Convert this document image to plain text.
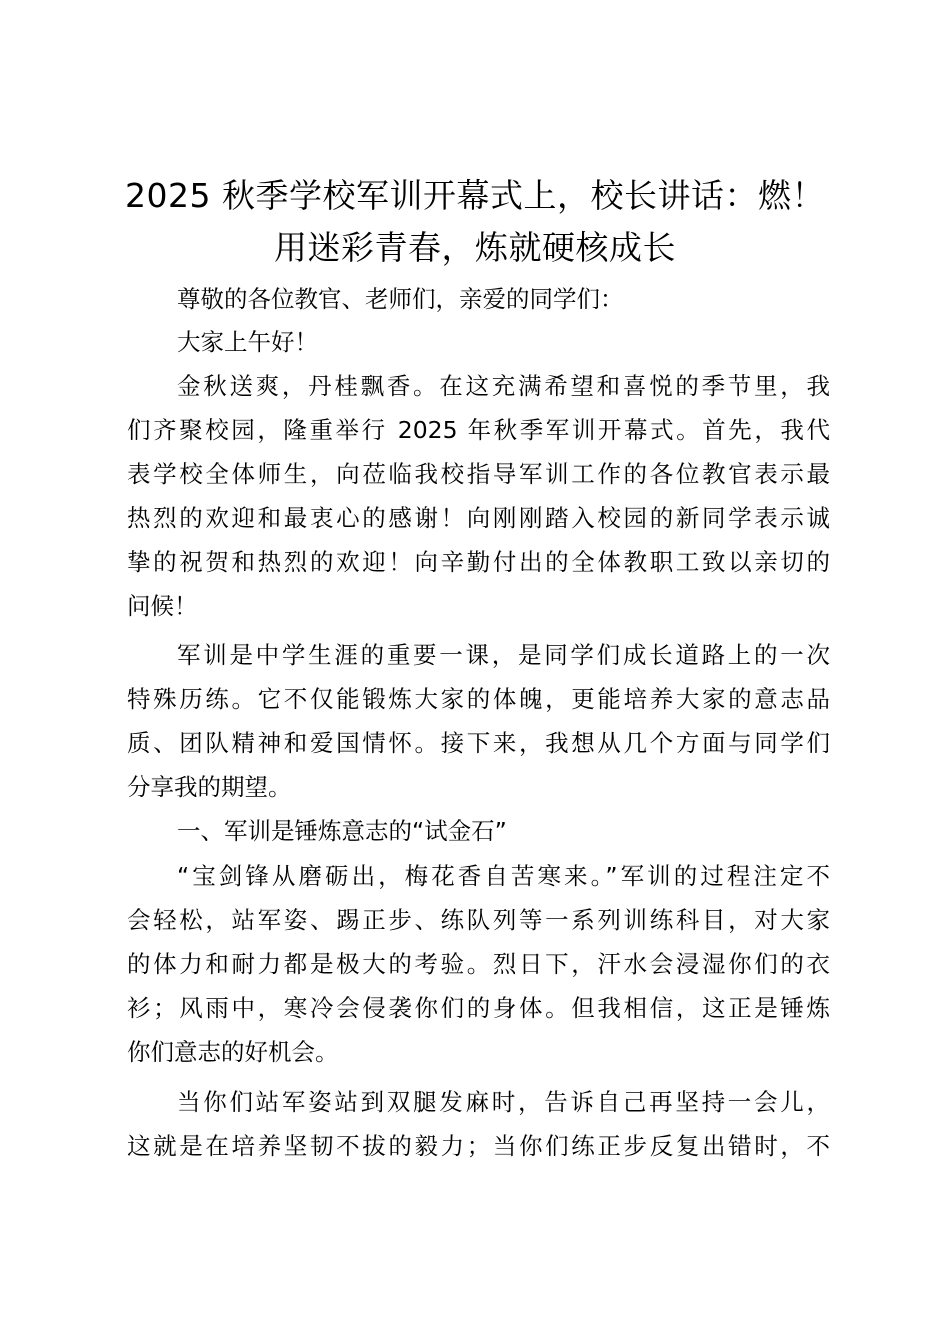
2025 秋季学校军训开幕式上，校长讲话：燃！
用迷彩青春，炼就硬核成长
尊敬的各位教官、老师们，亲爱的同学们：
大家上午好！
金秋送爽，丹桂飘香。在这充满希望和喜悦的季节里，我
们齐聚校园，隆重举行 2025 年秋季军训开幕式。首先，我代
表学校全体师生，向莅临我校指导军训工作的各位教官表示最
热烈的欢迎和最衷心的感谢！向刚刚踏入校园的新同学表示诚
挚的祝贺和热烈的欢迎！向辛勤付出的全体教职工致以亲切的
问候！
军训是中学生涯的重要一课，是同学们成长道路上的一次
特殊历练。它不仅能锻炼大家的体魄，更能培养大家的意志品
质、团队精神和爱国情怀。接下来，我想从几个方面与同学们
分享我的期望。
一、军训是锤炼意志的“试金石”
“宝剑锋从磨砺出，梅花香自苦寒来。”军训的过程注定不
会轻松，站军姿、踢正步、练队列等一系列训练科目，对大家
的体力和耐力都是极大的考验。烈日下，汗水会浸湿你们的衣
衫；风雨中，寒冷会侵袭你们的身体。但我相信，这正是锤炼
你们意志的好机会。
当你们站军姿站到双腿发麻时，告诉自己再坚持一会儿，
这就是在培养坚韧不拔的毅力；当你们练正步反复出错时，不
